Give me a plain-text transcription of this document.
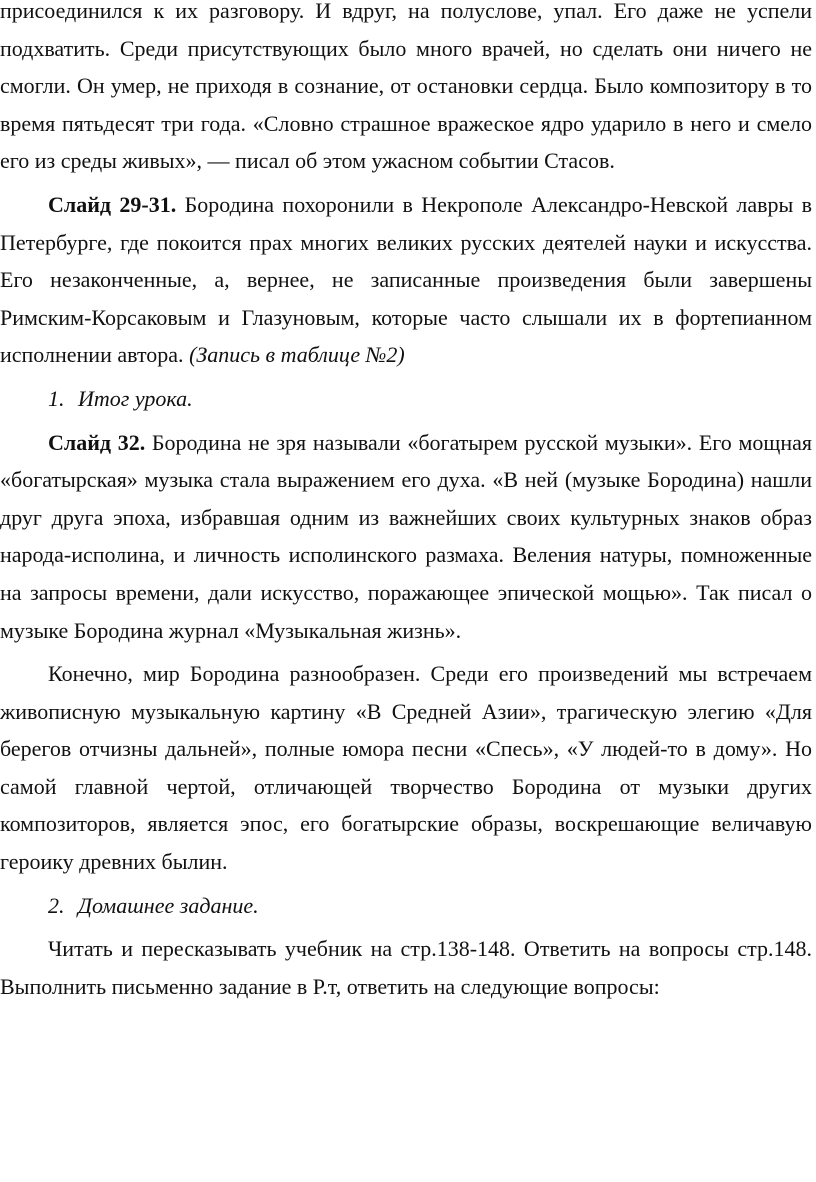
присоединился к их разговору. И вдруг, на полуслове, упал. Его даже не успели подхватить. Среди присутствующих было много врачей, но сделать они ничего не смогли. Он умер, не приходя в сознание, от остановки сердца. Было композитору в то время пятьдесят три года. «Словно страшное вражеское ядро ударило в него и смело его из среды живых», — писал об этом ужасном событии Стасов.

Слайд 29-31. Бородина похоронили в Некрополе Александро-Невской лавры в Петербурге, где покоится прах многих великих русских деятелей науки и искусства. Его незаконченные, а, вернее, не записанные произведения были завершены Римским-Корсаковым и Глазуновым, которые часто слышали их в фортепианном исполнении автора. (Запись в таблице №2)

1. Итог урока.

Слайд 32. Бородина не зря называли «богатырем русской музыки». Его мощная «богатырская» музыка стала выражением его духа. «В ней (музыке Бородина) нашли друг друга эпоха, избравшая одним из важнейших своих культурных знаков образ народа-исполина, и личность исполинского размаха. Веления натуры, помноженные на запросы времени, дали искусство, поражающее эпической мощью». Так писал о музыке Бородина журнал «Музыкальная жизнь».

Конечно, мир Бородина разнообразен. Среди его произведений мы встречаем живописную музыкальную картину «В Средней Азии», трагическую элегию «Для берегов отчизны дальней», полные юмора песни «Спесь», «У людей-то в дому». Но самой главной чертой, отличающей творчество Бородина от музыки других композиторов, является эпос, его богатырские образы, воскрешающие величавую героику древних былин.

2. Домашнее задание.

Читать и пересказывать учебник на стр.138-148. Ответить на вопросы стр.148. Выполнить письменно задание в Р.т, ответить на следующие вопросы:
